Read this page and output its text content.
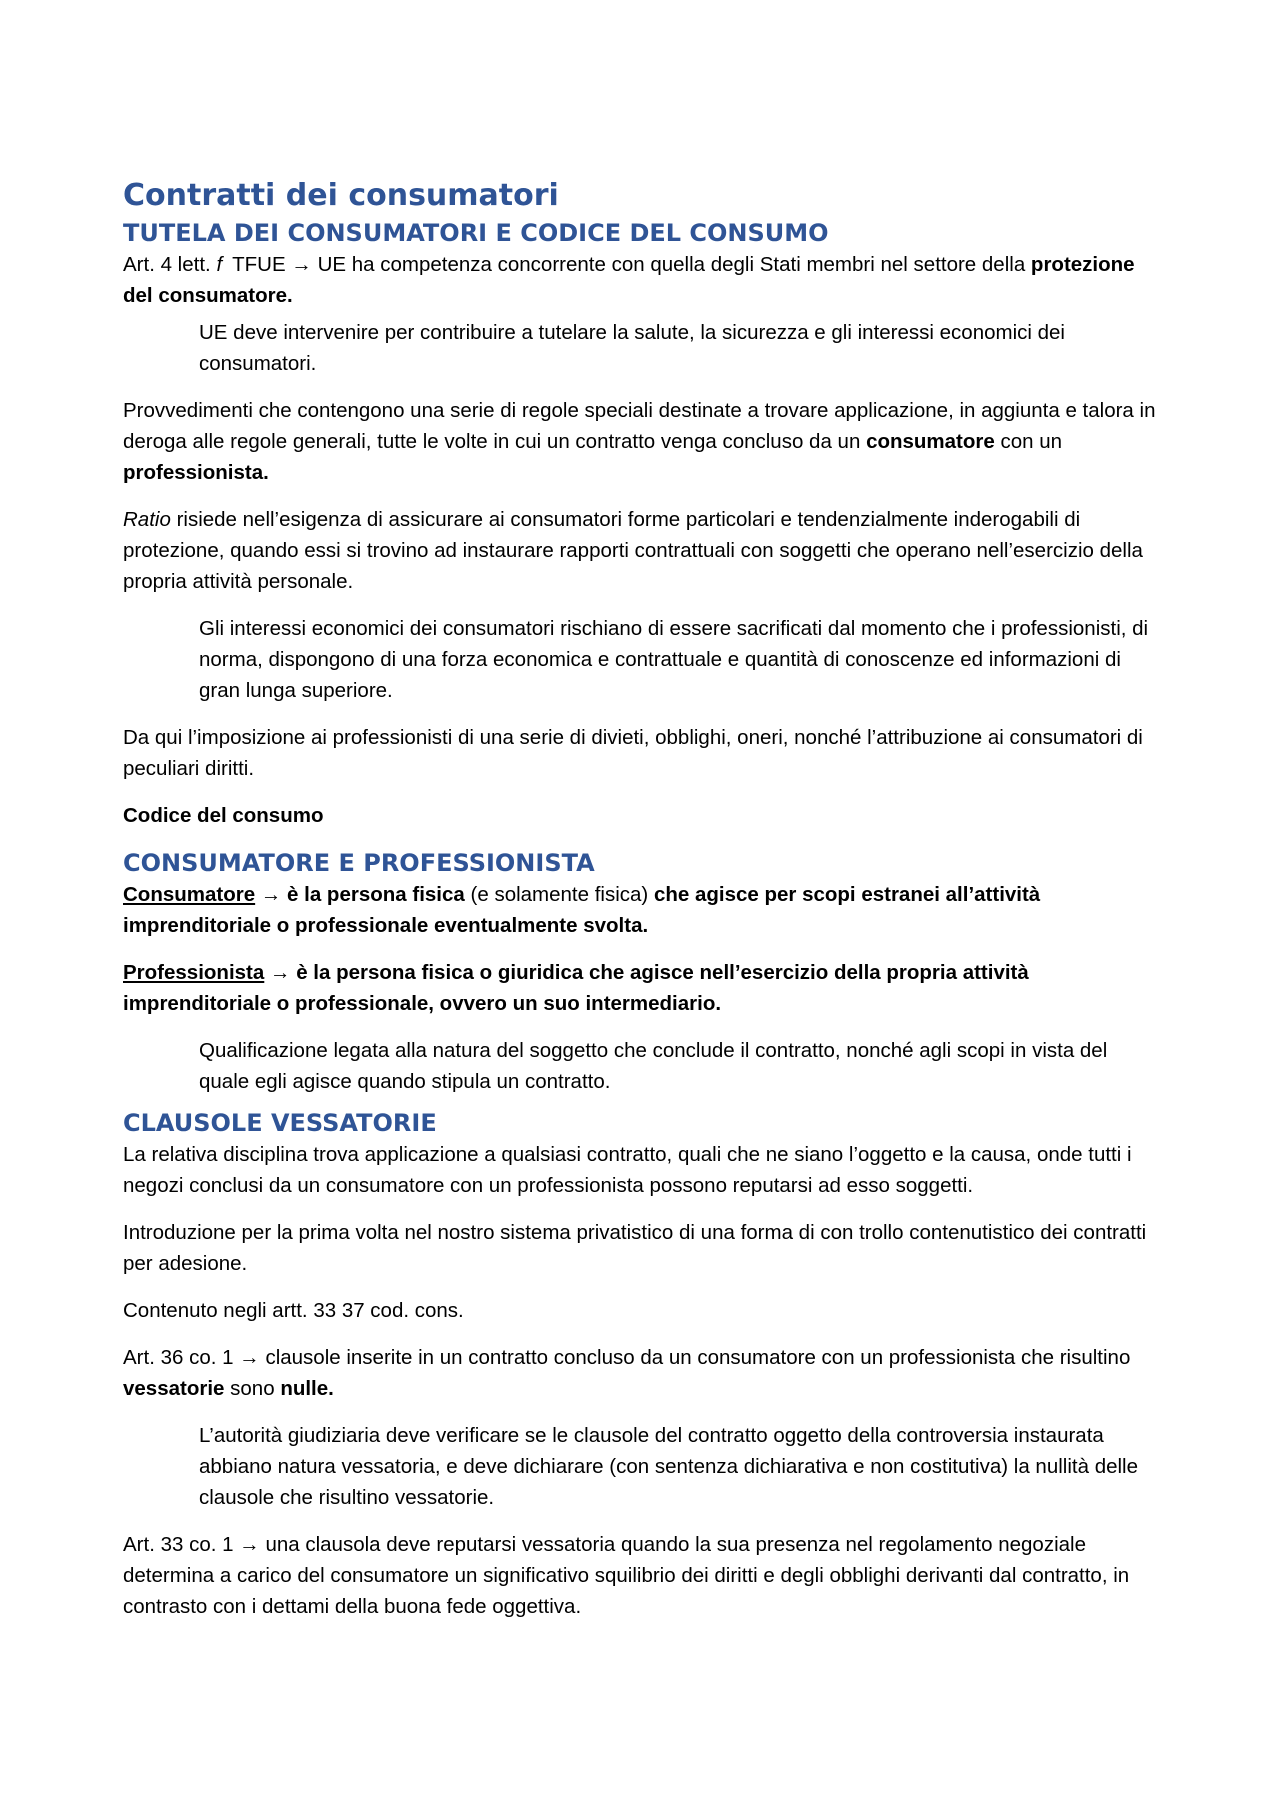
Contratti dei consumatori
TUTELA DEI CONSUMATORI E CODICE DEL CONSUMO

Art. 4 lett. f TFUE → UE ha competenza concorrente con quella degli Stati membri nel settore della protezione del consumatore.

UE deve intervenire per contribuire a tutelare la salute, la sicurezza e gli interessi economici dei consumatori.

Provvedimenti che contengono una serie di regole speciali destinate a trovare applicazione, in aggiunta e talora in deroga alle regole generali, tutte le volte in cui un contratto venga concluso da un consumatore con un professionista.

Ratio risiede nell’esigenza di assicurare ai consumatori forme particolari e tendenzialmente inderogabili di protezione, quando essi si trovino ad instaurare rapporti contrattuali con soggetti che operano nell’esercizio della propria attività personale.

Gli interessi economici dei consumatori rischiano di essere sacrificati dal momento che i professionisti, di norma, dispongono di una forza economica e contrattuale e quantità di conoscenze ed informazioni di gran lunga superiore.

Da qui l’imposizione ai professionisti di una serie di divieti, obblighi, oneri, nonché l’attribuzione ai consumatori di peculiari diritti.

Codice del consumo

CONSUMATORE E PROFESSIONISTA

Consumatore → è la persona fisica (e solamente fisica) che agisce per scopi estranei all’attività imprenditoriale o professionale eventualmente svolta.

Professionista → è la persona fisica o giuridica che agisce nell’esercizio della propria attività imprenditoriale o professionale, ovvero un suo intermediario.

Qualificazione legata alla natura del soggetto che conclude il contratto, nonché agli scopi in vista del quale egli agisce quando stipula un contratto.

CLAUSOLE VESSATORIE

La relativa disciplina trova applicazione a qualsiasi contratto, quali che ne siano l’oggetto e la causa, onde tutti i negozi conclusi da un consumatore con un professionista possono reputarsi ad esso soggetti.

Introduzione per la prima volta nel nostro sistema privatistico di una forma di con trollo contenutistico dei contratti per adesione.

Contenuto negli artt. 33 37 cod. cons.

Art. 36 co. 1 → clausole inserite in un contratto concluso da un consumatore con un professionista che risultino vessatorie sono nulle.

L’autorità giudiziaria deve verificare se le clausole del contratto oggetto della controversia instaurata abbiano natura vessatoria, e deve dichiarare (con sentenza dichiarativa e non costitutiva) la nullità delle clausole che risultino vessatorie.

Art. 33 co. 1 → una clausola deve reputarsi vessatoria quando la sua presenza nel regolamento negoziale determina a carico del consumatore un significativo squilibrio dei diritti e degli obblighi derivanti dal contratto, in contrasto con i dettami della buona fede oggettiva.
